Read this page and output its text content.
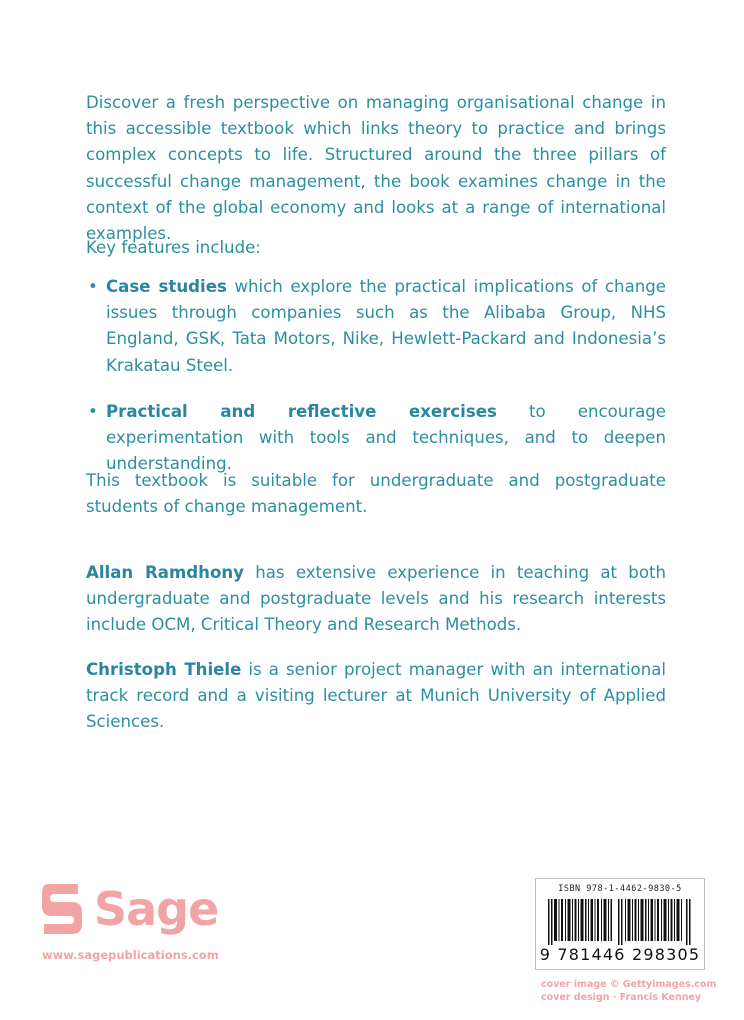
Discover a fresh perspective on managing organisational change in this accessible textbook which links theory to practice and brings complex concepts to life. Structured around the three pillars of successful change management, the book examines change in the context of the global economy and looks at a range of international examples.

Key features include:

• Case studies which explore the practical implications of change issues through companies such as the Alibaba Group, NHS England, GSK, Tata Motors, Nike, Hewlett-Packard and Indonesia’s Krakatau Steel.
• Practical and reflective exercises to encourage experimentation with tools and techniques, and to deepen understanding.

This textbook is suitable for undergraduate and postgraduate students of change management.

Allan Ramdhony has extensive experience in teaching at both undergraduate and postgraduate levels and his research interests include OCM, Critical Theory and Research Methods.

Christoph Thiele is a senior project manager with an international track record and a visiting lecturer at Munich University of Applied Sciences.

Sage
www.sagepublications.com
ISBN 978-1-4462-9830-5
9 781446 298305
cover image © Gettyimages.com
cover design · Francis Kenney
